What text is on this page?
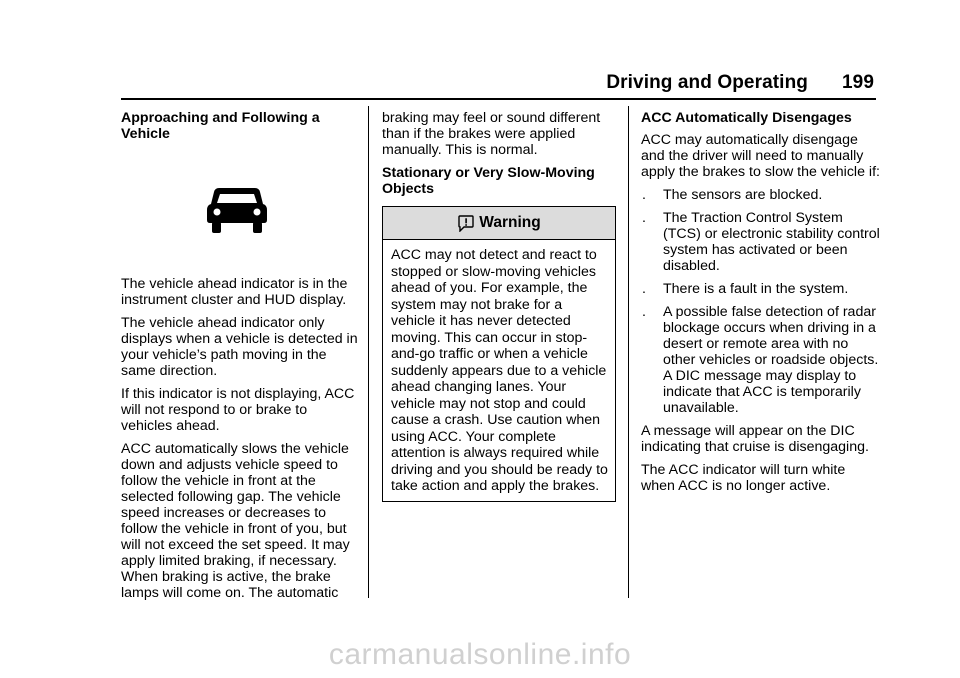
Driving and Operating 199
Approaching and Following a Vehicle

The vehicle ahead indicator is in the instrument cluster and HUD display.

The vehicle ahead indicator only displays when a vehicle is detected in your vehicle’s path moving in the same direction.

If this indicator is not displaying, ACC will not respond to or brake to vehicles ahead.

ACC automatically slows the vehicle down and adjusts vehicle speed to follow the vehicle in front at the selected following gap. The vehicle speed increases or decreases to follow the vehicle in front of you, but will not exceed the set speed. It may apply limited braking, if necessary. When braking is active, the brake lamps will come on. The automatic

braking may feel or sound different than if the brakes were applied manually. This is normal.

Stationary or Very Slow-Moving Objects
Warning
ACC may not detect and react to stopped or slow-moving vehicles ahead of you. For example, the system may not brake for a vehicle it has never detected moving. This can occur in stop-and-go traffic or when a vehicle suddenly appears due to a vehicle ahead changing lanes. Your vehicle may not stop and could cause a crash. Use caution when using ACC. Your complete attention is always required while driving and you should be ready to take action and apply the brakes.
ACC Automatically Disengages

ACC may automatically disengage and the driver will need to manually apply the brakes to slow the vehicle if:

. The sensors are blocked.
. The Traction Control System (TCS) or electronic stability control system has activated or been disabled.
. There is a fault in the system.
. A possible false detection of radar blockage occurs when driving in a desert or remote area with no other vehicles or roadside objects. A DIC message may display to indicate that ACC is temporarily unavailable.

A message will appear on the DIC indicating that cruise is disengaging.

The ACC indicator will turn white when ACC is no longer active.

carmanualsonline.info
